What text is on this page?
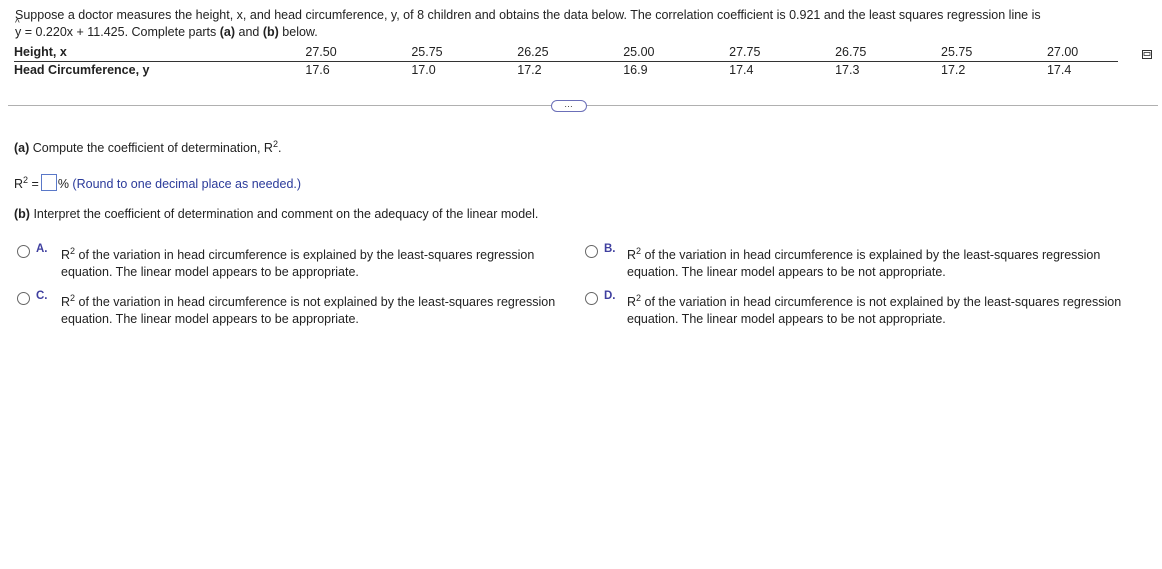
Suppose a doctor measures the height, x, and head circumference, y, of 8 children and obtains the data below. The correlation coefficient is 0.921 and the least squares regression line is
^ y = 0.220x + 11.425. Complete parts (a) and (b) below.
Height, x	27.50	25.75	26.25	25.00	27.75	26.75	25.75	27.00
Head Circumference, y	17.6	17.0	17.2	16.9	17.4	17.3	17.2	17.4
…
(a) Compute the coefficient of determination, $R^2$.
$R^2$ = % (Round to one decimal place as needed.)
(b) Interpret the coefficient of determination and comment on the adequacy of the linear model.
A. $R^2$ of the variation in head circumference is explained by the least-squares regression
equation. The linear model appears to be appropriate.
B. $R^2$ of the variation in head circumference is explained by the least-squares regression
equation. The linear model appears to be not appropriate.
C. $R^2$ of the variation in head circumference is not explained by the least-squares regression
equation. The linear model appears to be appropriate.
D. $R^2$ of the variation in head circumference is not explained by the least-squares regression
equation. The linear model appears to be not appropriate.
